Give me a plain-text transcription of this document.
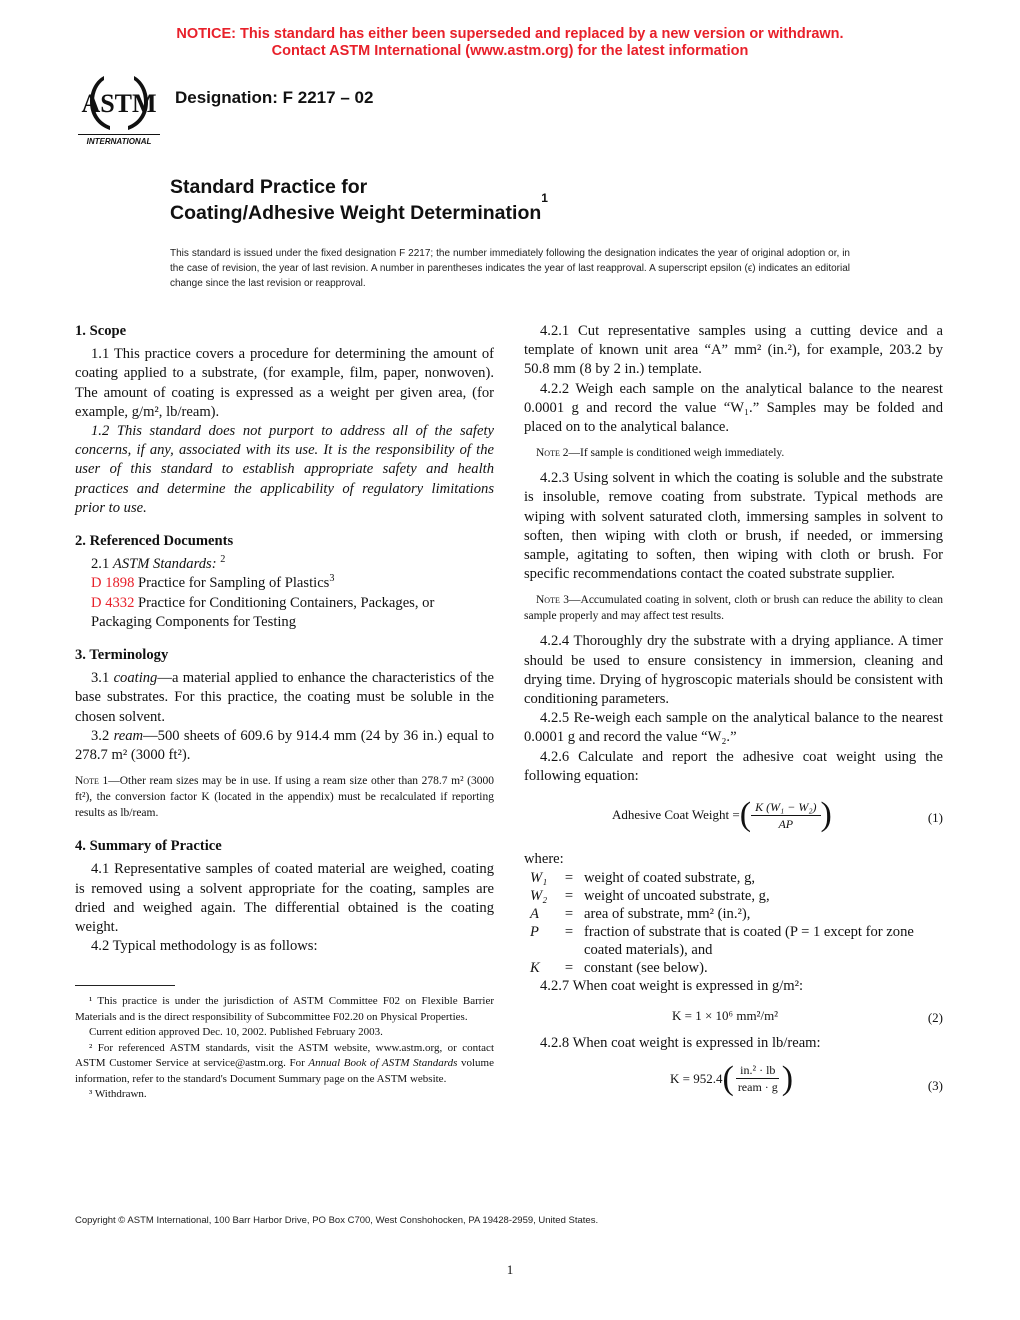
NOTICE: This standard has either been superseded and replaced by a new version or withdrawn.
Contact ASTM International (www.astm.org) for the latest information
ASTM
INTERNATIONAL
Designation: F 2217 – 02
Standard Practice for
Coating/Adhesive Weight Determination$^1$
This standard is issued under the fixed designation F 2217; the number immediately following the designation indicates the year of original adoption or, in the case of revision, the year of last revision. A number in parentheses indicates the year of last reapproval. A superscript epsilon (ϵ) indicates an editorial change since the last revision or reapproval.

1. Scope

1.1 This practice covers a procedure for determining the amount of coating applied to a substrate, (for example, film, paper, nonwoven). The amount of coating is expressed as a weight per given area, (for example, g/m², lb/ream).

1.2 This standard does not purport to address all of the safety concerns, if any, associated with its use. It is the responsibility of the user of this standard to establish appropriate safety and health practices and determine the applicability of regulatory limitations prior to use.

2. Referenced Documents

2.1 ASTM Standards: $^2$

D 1898 Practice for Sampling of Plastics$^3$

D 4332 Practice for Conditioning Containers, Packages, or Packaging Components for Testing

3. Terminology

3.1 coating—a material applied to enhance the characteristics of the base substrates. For this practice, the coating must be soluble in the chosen solvent.

3.2 ream—500 sheets of 609.6 by 914.4 mm (24 by 36 in.) equal to 278.7 m² (3000 ft²).

Note 1—Other ream sizes may be in use. If using a ream size other than 278.7 m² (3000 ft²), the conversion factor K (located in the appendix) must be recalculated if reporting results as lb/ream.

4. Summary of Practice

4.1 Representative samples of coated material are weighed, coating is removed using a solvent appropriate for the coating, samples are dried and weighed again. The differential obtained is the coating weight.

4.2 Typical methodology is as follows:

¹ This practice is under the jurisdiction of ASTM Committee F02 on Flexible Barrier Materials and is the direct responsibility of Subcommittee F02.20 on Physical Properties.

Current edition approved Dec. 10, 2002. Published February 2003.

² For referenced ASTM standards, visit the ASTM website, www.astm.org, or contact ASTM Customer Service at service@astm.org. For Annual Book of ASTM Standards volume information, refer to the standard's Document Summary page on the ASTM website.

³ Withdrawn.

4.2.1 Cut representative samples using a cutting device and a template of known unit area “A” mm² (in.²), for example, 203.2 by 50.8 mm (8 by 2 in.) template.

4.2.2 Weigh each sample on the analytical balance to the nearest 0.0001 g and record the value “W₁.” Samples may be folded and placed on to the analytical balance.

Note 2—If sample is conditioned weigh immediately.

4.2.3 Using solvent in which the coating is soluble and the substrate is insoluble, remove coating from substrate. Typical methods are wiping with solvent saturated cloth, immersing samples in solvent to soften, then wiping with cloth or brush, if needed, or immersing sample, agitating to soften, then wiping with cloth or brush. For specific recommendations contact the coated substrate supplier.

Note 3—Accumulated coating in solvent, cloth or brush can reduce the ability to clean sample properly and may affect test results.

4.2.4 Thoroughly dry the substrate with a drying appliance. A timer should be used to ensure consistency in immersion, cleaning and drying time. Drying of hygroscopic materials should be consistent with conditioning parameters.

4.2.5 Re-weigh each sample on the analytical balance to the nearest 0.0001 g and record the value “W₂.”

4.2.6 Calculate and report the adhesive coat weight using the following equation:

Adhesive Coat Weight = ( $\frac{\text{K (W₁ − W₂)}}{AP}$ )	(1)
where:
W₁	= weight of coated substrate, g,
W₂	= weight of uncoated substrate, g,
A	= area of substrate, mm² (in.²),
P	= fraction of substrate that is coated (P = 1 except for zone coated materials), and
K	= constant (see below).

4.2.7 When coat weight is expressed in g/m²:

K = 1 × 10⁶ mm²/m²	(2)

4.2.8 When coat weight is expressed in lb/ream:

K = 952.4 ( $\frac{\text{in.² · lb}}{\text{ream · g}}$ )	(3)
Copyright © ASTM International, 100 Barr Harbor Drive, PO Box C700, West Conshohocken, PA 19428-2959, United States.
1
